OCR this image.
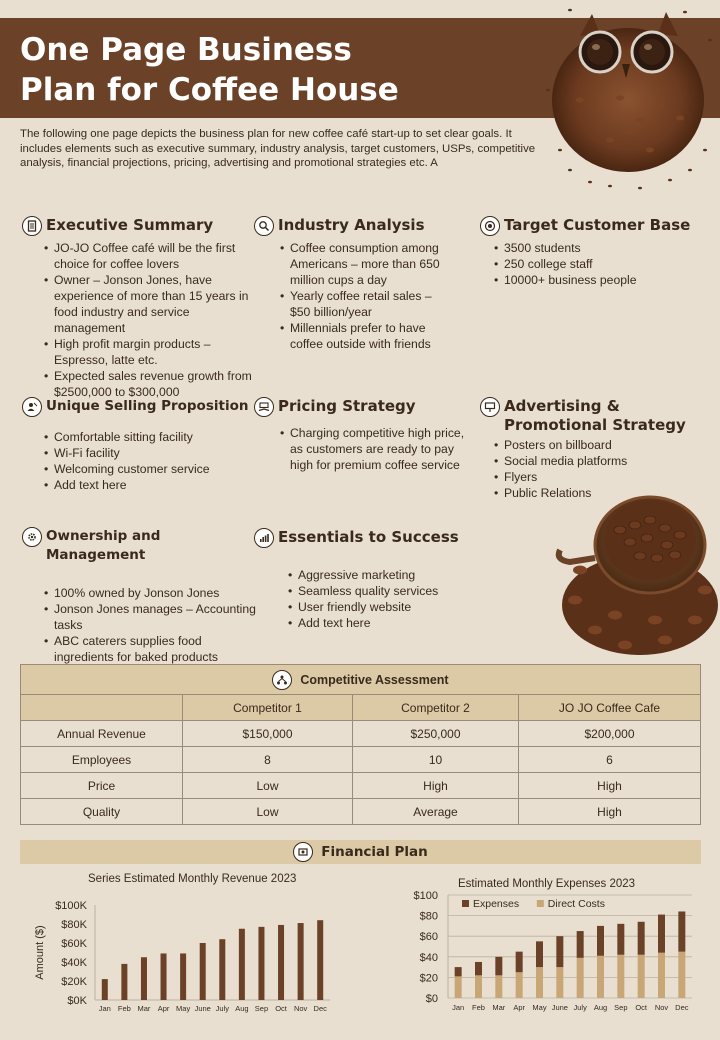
One Page Business
Plan for Coffee House
The following one page depicts the business plan for new coffee café start-up to set clear goals. It includes elements such as executive summary, industry analysis, target customers, USPs, competitive analysis, financial projections, pricing, advertising and promotional strategies etc. A
Executive Summary
• JO-JO Coffee café will be the first choice for coffee lovers
• Owner – Jonson Jones, have experience of more than 15 years in food industry and service management
• High profit margin products – Espresso, latte etc.
• Expected sales revenue growth from $2500,000 to $300,000
Industry Analysis
• Coffee consumption among Americans – more than 650 million cups a day
• Yearly coffee retail sales – $50 billion/year
• Millennials prefer to have coffee outside with friends
Target Customer Base
• 3500 students
• 250 college staff
• 10000+ business people
Unique Selling Proposition
• Comfortable sitting facility
• Wi-Fi facility
• Welcoming customer service
• Add text here
Pricing Strategy
• Charging competitive high price, as customers are ready to pay high for premium coffee service
Advertising &
Promotional Strategy
• Posters on billboard
• Social media platforms
• Flyers
• Public Relations
Ownership and Management
• 100% owned by Jonson Jones
• Jonson Jones manages – Accounting tasks
• ABC caterers supplies food ingredients for baked products
Essentials to Success
• Aggressive marketing
• Seamless quality services
• User friendly website
• Add text here
Competitive Assessment			

	Competitor 1	Competitor 2	JO JO Coffee Cafe
Annual Revenue	$150,000	$250,000	$200,000
Employees	8	10	6
Price	Low	High	High
Quality	Low	Average	High
Financial Plan
Series Estimated Monthly Revenue 2023
$0K
$20K
$40K
$60K
$80K
$100K
Amount ($)
Jan Feb Mar Apr May June July Aug Sep Oct Nov Dec
Estimated Monthly Expenses 2023
$0
$20
$40
$60
$80
$100
Expenses	Direct Costs
Jan Feb Mar Apr May June July Aug Sep Oct Nov Dec
